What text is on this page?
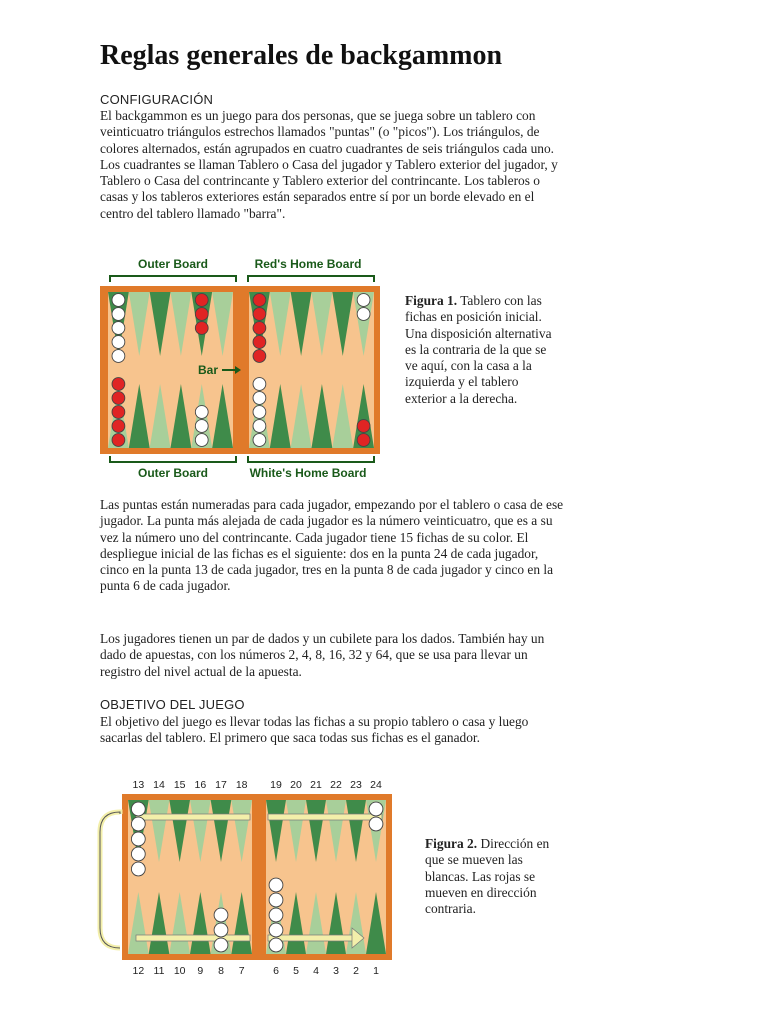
Reglas generales de backgammon
CONFIGURACIÓN
El backgammon es un juego para dos personas, que se juega sobre un tablero con veinticuatro triángulos estrechos llamados "puntas" (o "picos"). Los triángulos, de colores alternados, están agrupados en cuatro cuadrantes de seis triángulos cada uno. Los cuadrantes se llaman Tablero o Casa del jugador y Tablero exterior del jugador, y Tablero o Casa del contrincante y Tablero exterior del contrincante. Los tableros o casas y los tableros exteriores están separados entre sí por un borde elevado en el centro del tablero llamado "barra".
Outer Board	Red's Home Board
Bar
Outer Board	White's Home Board
Figura 1. Tablero con las fichas en posición inicial. Una disposición alternativa es la contraria de la que se ve aquí, con la casa a la izquierda y el tablero exterior a la derecha.
Las puntas están numeradas para cada jugador, empezando por el tablero o casa de ese jugador. La punta más alejada de cada jugador es la número veinticuatro, que es a su vez la número uno del contrincante. Cada jugador tiene 15 fichas de su color. El despliegue inicial de las fichas es el siguiente: dos en la punta 24 de cada jugador, cinco en la punta 13 de cada jugador, tres en la punta 8 de cada jugador y cinco en la punta 6 de cada jugador.
Los jugadores tienen un par de dados y un cubilete para los dados. También hay un dado de apuestas, con los números 2, 4, 8, 16, 32 y 64, que se usa para llevar un registro del nivel actual de la apuesta.
OBJETIVO DEL JUEGO
El objetivo del juego es llevar todas las fichas a su propio tablero o casa y luego sacarlas del tablero. El primero que saca todas sus fichas es el ganador.
13 14 15 16 17 18 19 20 21 22 23 24
12 11 10 9 8 7	6 5 4 3 2 1
Figura 2. Dirección en que se mueven las blancas. Las rojas se mueven en dirección contraria.
